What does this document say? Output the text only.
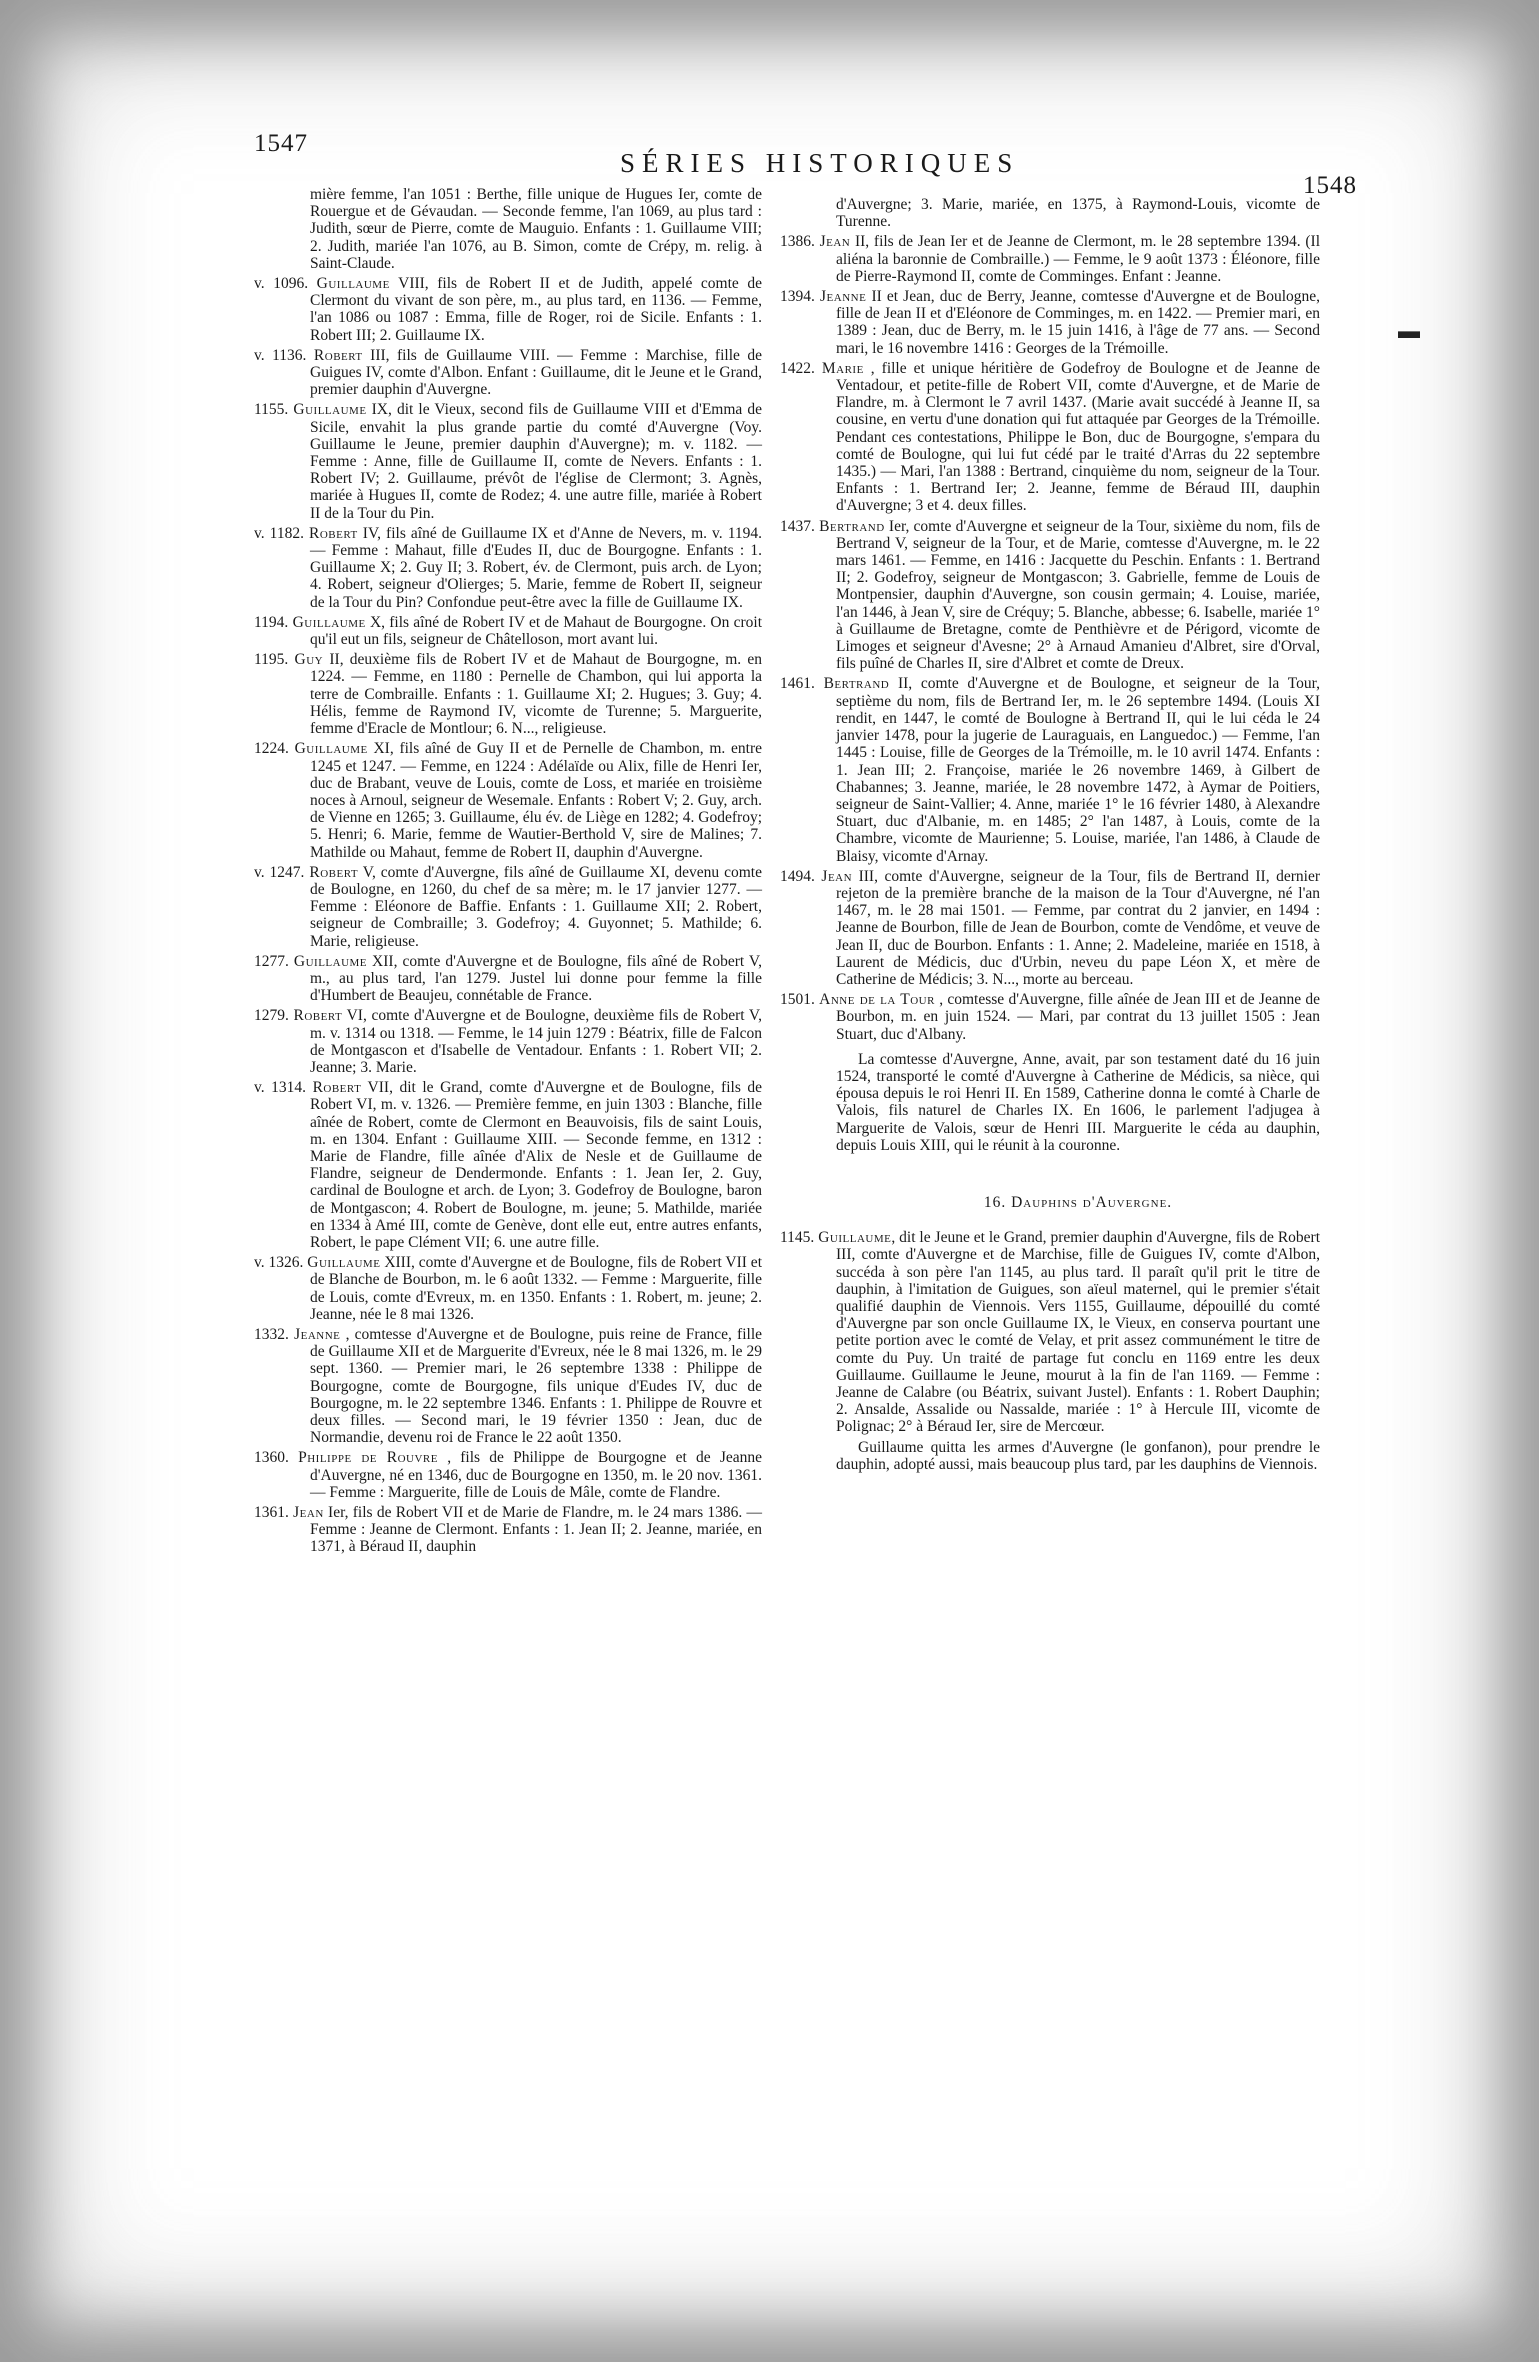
1547
SÉRIES HISTORIQUES
1548
▬

mière femme, l'an 1051 : Berthe, fille unique de Hugues Ier, comte de Rouergue et de Gévaudan. — Seconde femme, l'an 1069, au plus tard : Judith, sœur de Pierre, comte de Mauguio. Enfants : 1. Guillaume VIII; 2. Judith, mariée l'an 1076, au B. Simon, comte de Crépy, m. relig. à Saint-Claude.

v. 1096. Guillaume VIII, fils de Robert II et de Judith, appelé comte de Clermont du vivant de son père, m., au plus tard, en 1136. — Femme, l'an 1086 ou 1087 : Emma, fille de Roger, roi de Sicile. Enfants : 1. Robert III; 2. Guillaume IX.

v. 1136. Robert III, fils de Guillaume VIII. — Femme : Marchise, fille de Guigues IV, comte d'Albon. Enfant : Guillaume, dit le Jeune et le Grand, premier dauphin d'Auvergne.

1155. Guillaume IX, dit le Vieux, second fils de Guillaume VIII et d'Emma de Sicile, envahit la plus grande partie du comté d'Auvergne (Voy. Guillaume le Jeune, premier dauphin d'Auvergne); m. v. 1182. — Femme : Anne, fille de Guillaume II, comte de Nevers. Enfants : 1. Robert IV; 2. Guillaume, prévôt de l'église de Clermont; 3. Agnès, mariée à Hugues II, comte de Rodez; 4. une autre fille, mariée à Robert II de la Tour du Pin.

v. 1182. Robert IV, fils aîné de Guillaume IX et d'Anne de Nevers, m. v. 1194. — Femme : Mahaut, fille d'Eudes II, duc de Bourgogne. Enfants : 1. Guillaume X; 2. Guy II; 3. Robert, év. de Clermont, puis arch. de Lyon; 4. Robert, seigneur d'Olierges; 5. Marie, femme de Robert II, seigneur de la Tour du Pin? Confondue peut-être avec la fille de Guillaume IX.

1194. Guillaume X, fils aîné de Robert IV et de Mahaut de Bourgogne. On croit qu'il eut un fils, seigneur de Châtelloson, mort avant lui.

1195. Guy II, deuxième fils de Robert IV et de Mahaut de Bourgogne, m. en 1224. — Femme, en 1180 : Pernelle de Chambon, qui lui apporta la terre de Combraille. Enfants : 1. Guillaume XI; 2. Hugues; 3. Guy; 4. Hélis, femme de Raymond IV, vicomte de Turenne; 5. Marguerite, femme d'Eracle de Montlour; 6. N..., religieuse.

1224. Guillaume XI, fils aîné de Guy II et de Pernelle de Chambon, m. entre 1245 et 1247. — Femme, en 1224 : Adélaïde ou Alix, fille de Henri Ier, duc de Brabant, veuve de Louis, comte de Loss, et mariée en troisième noces à Arnoul, seigneur de Wesemale. Enfants : Robert V; 2. Guy, arch. de Vienne en 1265; 3. Guillaume, élu év. de Liège en 1282; 4. Godefroy; 5. Henri; 6. Marie, femme de Wautier-Berthold V, sire de Malines; 7. Mathilde ou Mahaut, femme de Robert II, dauphin d'Auvergne.

v. 1247. Robert V, comte d'Auvergne, fils aîné de Guillaume XI, devenu comte de Boulogne, en 1260, du chef de sa mère; m. le 17 janvier 1277. — Femme : Eléonore de Baffie. Enfants : 1. Guillaume XII; 2. Robert, seigneur de Combraille; 3. Godefroy; 4. Guyonnet; 5. Mathilde; 6. Marie, religieuse.

1277. Guillaume XII, comte d'Auvergne et de Boulogne, fils aîné de Robert V, m., au plus tard, l'an 1279. Justel lui donne pour femme la fille d'Humbert de Beaujeu, connétable de France.

1279. Robert VI, comte d'Auvergne et de Boulogne, deuxième fils de Robert V, m. v. 1314 ou 1318. — Femme, le 14 juin 1279 : Béatrix, fille de Falcon de Montgascon et d'Isabelle de Ventadour. Enfants : 1. Robert VII; 2. Jeanne; 3. Marie.

v. 1314. Robert VII, dit le Grand, comte d'Auvergne et de Boulogne, fils de Robert VI, m. v. 1326. — Première femme, en juin 1303 : Blanche, fille aînée de Robert, comte de Clermont en Beauvoisis, fils de saint Louis, m. en 1304. Enfant : Guillaume XIII. — Seconde femme, en 1312 : Marie de Flandre, fille aînée d'Alix de Nesle et de Guillaume de Flandre, seigneur de Dendermonde. Enfants : 1. Jean Ier, 2. Guy, cardinal de Boulogne et arch. de Lyon; 3. Godefroy de Boulogne, baron de Montgascon; 4. Robert de Boulogne, m. jeune; 5. Mathilde, mariée en 1334 à Amé III, comte de Genève, dont elle eut, entre autres enfants, Robert, le pape Clément VII; 6. une autre fille.

v. 1326. Guillaume XIII, comte d'Auvergne et de Boulogne, fils de Robert VII et de Blanche de Bourbon, m. le 6 août 1332. — Femme : Marguerite, fille de Louis, comte d'Evreux, m. en 1350. Enfants : 1. Robert, m. jeune; 2. Jeanne, née le 8 mai 1326.

1332. Jeanne , comtesse d'Auvergne et de Boulogne, puis reine de France, fille de Guillaume XII et de Marguerite d'Evreux, née le 8 mai 1326, m. le 29 sept. 1360. — Premier mari, le 26 septembre 1338 : Philippe de Bourgogne, comte de Bourgogne, fils unique d'Eudes IV, duc de Bourgogne, m. le 22 septembre 1346. Enfants : 1. Philippe de Rouvre et deux filles. — Second mari, le 19 février 1350 : Jean, duc de Normandie, devenu roi de France le 22 août 1350.

1360. Philippe de Rouvre , fils de Philippe de Bourgogne et de Jeanne d'Auvergne, né en 1346, duc de Bourgogne en 1350, m. le 20 nov. 1361. — Femme : Marguerite, fille de Louis de Mâle, comte de Flandre.

1361. Jean Ier, fils de Robert VII et de Marie de Flandre, m. le 24 mars 1386. — Femme : Jeanne de Clermont. Enfants : 1. Jean II; 2. Jeanne, mariée, en 1371, à Béraud II, dauphin

d'Auvergne; 3. Marie, mariée, en 1375, à Raymond-Louis, vicomte de Turenne.

1386. Jean II, fils de Jean Ier et de Jeanne de Clermont, m. le 28 septembre 1394. (Il aliéna la baronnie de Combraille.) — Femme, le 9 août 1373 : Éléonore, fille de Pierre-Raymond II, comte de Comminges. Enfant : Jeanne.

1394. Jeanne II et Jean, duc de Berry, Jeanne, comtesse d'Auvergne et de Boulogne, fille de Jean II et d'Eléonore de Comminges, m. en 1422. — Premier mari, en 1389 : Jean, duc de Berry, m. le 15 juin 1416, à l'âge de 77 ans. — Second mari, le 16 novembre 1416 : Georges de la Trémoille.

1422. Marie , fille et unique héritière de Godefroy de Boulogne et de Jeanne de Ventadour, et petite-fille de Robert VII, comte d'Auvergne, et de Marie de Flandre, m. à Clermont le 7 avril 1437. (Marie avait succédé à Jeanne II, sa cousine, en vertu d'une donation qui fut attaquée par Georges de la Trémoille. Pendant ces contestations, Philippe le Bon, duc de Bourgogne, s'empara du comté de Boulogne, qui lui fut cédé par le traité d'Arras du 22 septembre 1435.) — Mari, l'an 1388 : Bertrand, cinquième du nom, seigneur de la Tour. Enfants : 1. Bertrand Ier; 2. Jeanne, femme de Béraud III, dauphin d'Auvergne; 3 et 4. deux filles.

1437. Bertrand Ier, comte d'Auvergne et seigneur de la Tour, sixième du nom, fils de Bertrand V, seigneur de la Tour, et de Marie, comtesse d'Auvergne, m. le 22 mars 1461. — Femme, en 1416 : Jacquette du Peschin. Enfants : 1. Bertrand II; 2. Godefroy, seigneur de Montgascon; 3. Gabrielle, femme de Louis de Montpensier, dauphin d'Auvergne, son cousin germain; 4. Louise, mariée, l'an 1446, à Jean V, sire de Créquy; 5. Blanche, abbesse; 6. Isabelle, mariée 1° à Guillaume de Bretagne, comte de Penthièvre et de Périgord, vicomte de Limoges et seigneur d'Avesne; 2° à Arnaud Amanieu d'Albret, sire d'Orval, fils puîné de Charles II, sire d'Albret et comte de Dreux.

1461. Bertrand II, comte d'Auvergne et de Boulogne, et seigneur de la Tour, septième du nom, fils de Bertrand Ier, m. le 26 septembre 1494. (Louis XI rendit, en 1447, le comté de Boulogne à Bertrand II, qui le lui céda le 24 janvier 1478, pour la jugerie de Lauraguais, en Languedoc.) — Femme, l'an 1445 : Louise, fille de Georges de la Trémoille, m. le 10 avril 1474. Enfants : 1. Jean III; 2. Françoise, mariée le 26 novembre 1469, à Gilbert de Chabannes; 3. Jeanne, mariée, le 28 novembre 1472, à Aymar de Poitiers, seigneur de Saint-Vallier; 4. Anne, mariée 1° le 16 février 1480, à Alexandre Stuart, duc d'Albanie, m. en 1485; 2° l'an 1487, à Louis, comte de la Chambre, vicomte de Maurienne; 5. Louise, mariée, l'an 1486, à Claude de Blaisy, vicomte d'Arnay.

1494. Jean III, comte d'Auvergne, seigneur de la Tour, fils de Bertrand II, dernier rejeton de la première branche de la maison de la Tour d'Auvergne, né l'an 1467, m. le 28 mai 1501. — Femme, par contrat du 2 janvier, en 1494 : Jeanne de Bourbon, fille de Jean de Bourbon, comte de Vendôme, et veuve de Jean II, duc de Bourbon. Enfants : 1. Anne; 2. Madeleine, mariée en 1518, à Laurent de Médicis, duc d'Urbin, neveu du pape Léon X, et mère de Catherine de Médicis; 3. N..., morte au berceau.

1501. Anne de la Tour , comtesse d'Auvergne, fille aînée de Jean III et de Jeanne de Bourbon, m. en juin 1524. — Mari, par contrat du 13 juillet 1505 : Jean Stuart, duc d'Albany.

La comtesse d'Auvergne, Anne, avait, par son testament daté du 16 juin 1524, transporté le comté d'Auvergne à Catherine de Médicis, sa nièce, qui épousa depuis le roi Henri II. En 1589, Catherine donna le comté à Charle de Valois, fils naturel de Charles IX. En 1606, le parlement l'adjugea à Marguerite de Valois, sœur de Henri III. Marguerite le céda au dauphin, depuis Louis XIII, qui le réunit à la couronne.

16. Dauphins d'Auvergne.

1145. Guillaume, dit le Jeune et le Grand, premier dauphin d'Auvergne, fils de Robert III, comte d'Auvergne et de Marchise, fille de Guigues IV, comte d'Albon, succéda à son père l'an 1145, au plus tard. Il paraît qu'il prit le titre de dauphin, à l'imitation de Guigues, son aïeul maternel, qui le premier s'était qualifié dauphin de Viennois. Vers 1155, Guillaume, dépouillé du comté d'Auvergne par son oncle Guillaume IX, le Vieux, en conserva pourtant une petite portion avec le comté de Velay, et prit assez communément le titre de comte du Puy. Un traité de partage fut conclu en 1169 entre les deux Guillaume. Guillaume le Jeune, mourut à la fin de l'an 1169. — Femme : Jeanne de Calabre (ou Béatrix, suivant Justel). Enfants : 1. Robert Dauphin; 2. Ansalde, Assalide ou Nassalde, mariée : 1° à Hercule III, vicomte de Polignac; 2° à Béraud Ier, sire de Mercœur.

Guillaume quitta les armes d'Auvergne (le gonfanon), pour prendre le dauphin, adopté aussi, mais beaucoup plus tard, par les dauphins de Viennois.
